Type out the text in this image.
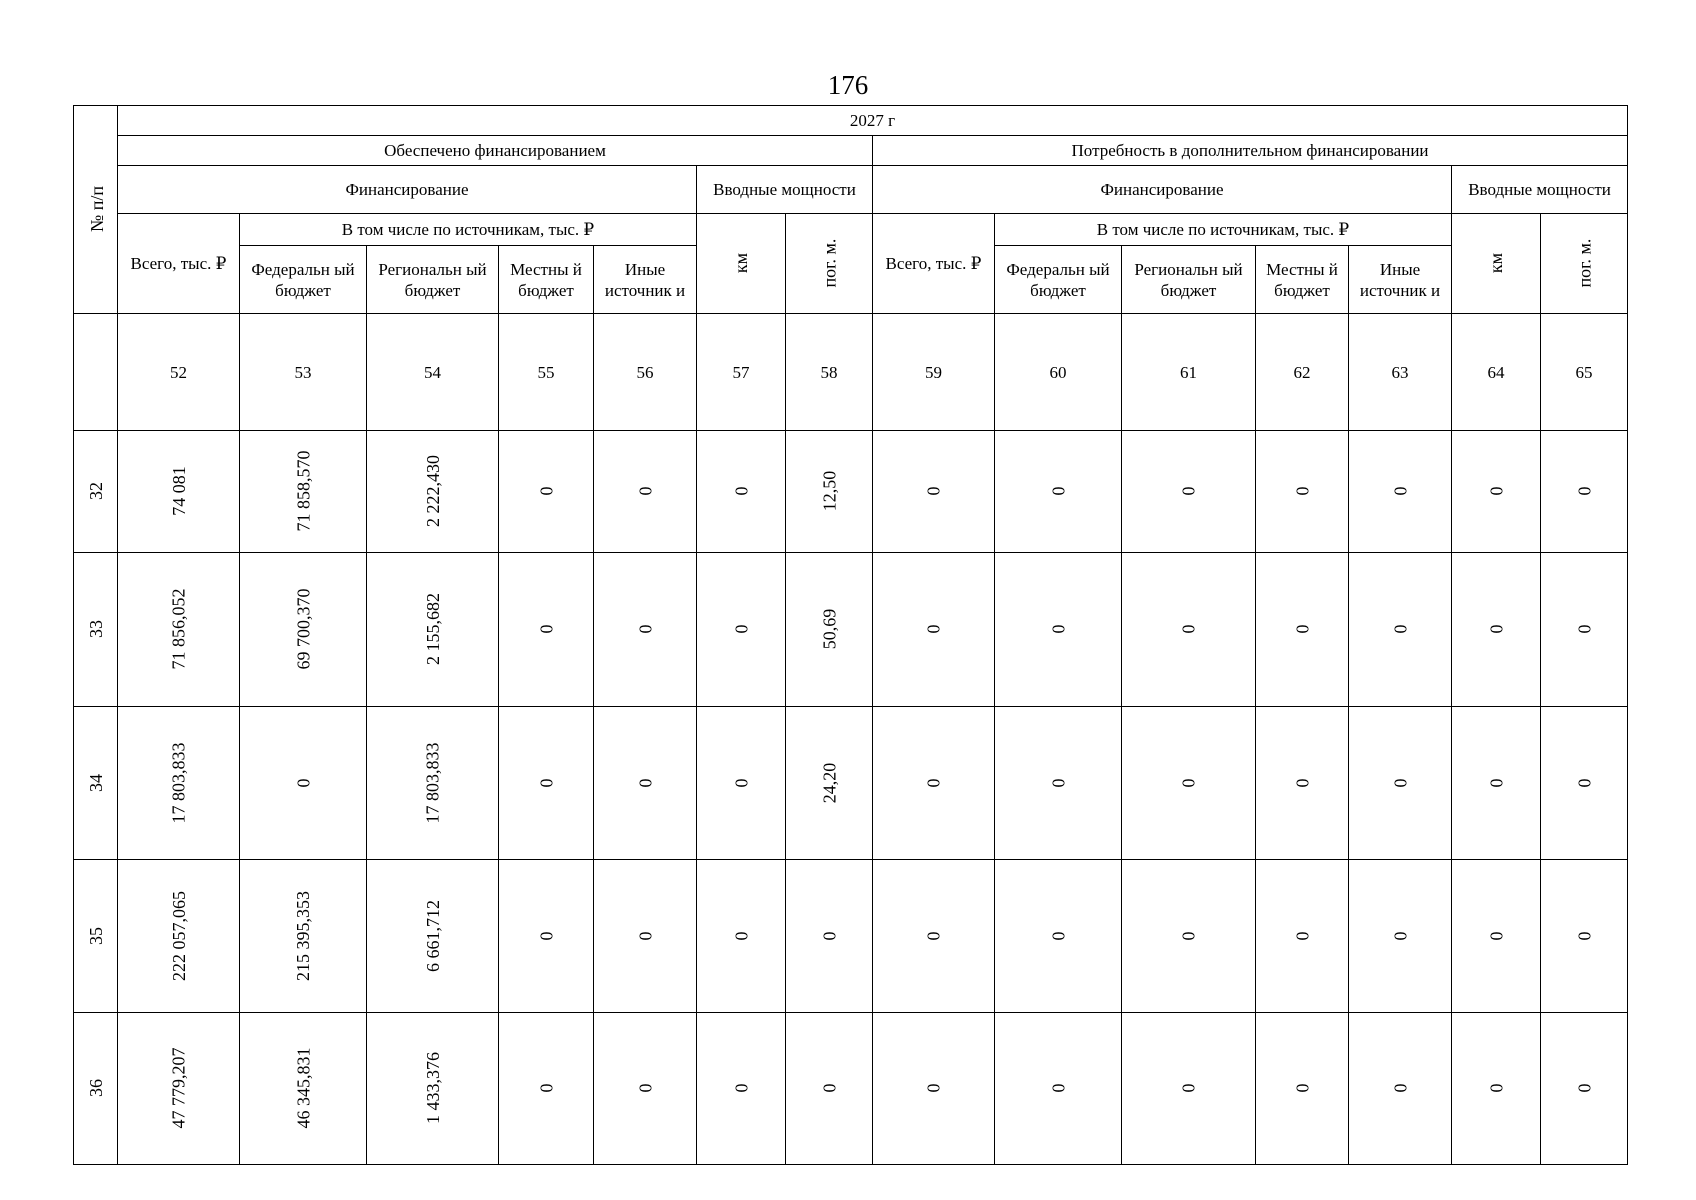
176
№ п/п	2027 г													
	Обеспечено финансированием							Потребность в дополнительном финансировании						
	Финансирование					Вводные мощности		Финансирование					Вводные мощности	
	Всего, тыс. ₽	В том числе по источникам, тыс. ₽				км	пог. м.	Всего, тыс. ₽	В том числе по источникам, тыс. ₽				км	пог. м.
		Федеральн ый бюджет	Региональн ый бюджет	Местны й бюджет	Иные источник и				Федеральн ый бюджет	Региональн ый бюджет	Местны й бюджет	Иные источник и		
	52	53	54	55	56	57	58	59	60	61	62	63	64	65
32	74 081	71 858,570	2 222,430	0	0	0	12,50	0	0	0	0	0	0	0
33	71 856,052	69 700,370	2 155,682	0	0	0	50,69	0	0	0	0	0	0	0
34	17 803,833	0	17 803,833	0	0	0	24,20	0	0	0	0	0	0	0
35	222 057,065	215 395,353	6 661,712	0	0	0	0	0	0	0	0	0	0	0
36	47 779,207	46 345,831	1 433,376	0	0	0	0	0	0	0	0	0	0	0
